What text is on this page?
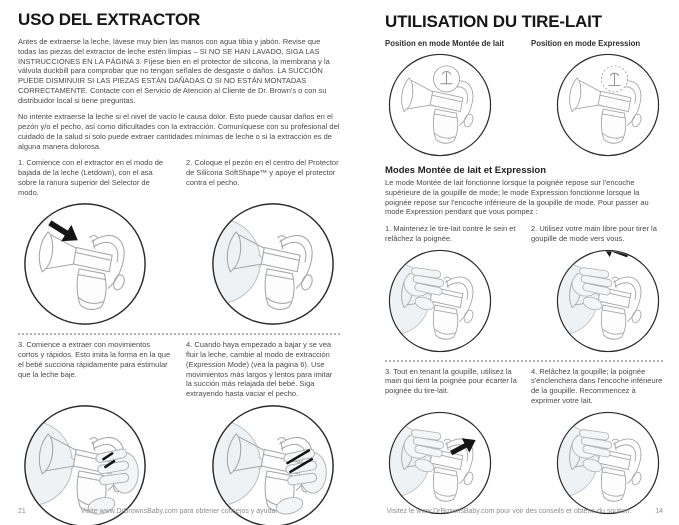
USO DEL EXTRACTOR

Antes de extraerse la leche, lávese muy bien las manos con agua tibia y jabón. Revise que todas las piezas del extractor de leche estén limpias – SI NO SE HAN LAVADO, SIGA LAS INSTRUCCIONES EN LA PÁGINA 3. Fíjese bien en el protector de silicona, la membrana y la válvula duckbill para comprobar que no tengan señales de desgaste o daños. LA SUCCIÓN PUEDE DISMINUIR SI LAS PIEZAS ESTÁN DAÑADAS O SI NO ESTÁN MONTADAS CORRECTAMENTE. Contacte con el Servicio de Atención al Cliente de Dr. Brown's o con su distribuidor local si tiene preguntas.

No intente extraerse la leche si el nivel de vacío le causa dolor. Esto puede causar daños en el pezón y/o el pecho, así como dificultades con la extracción. Comuníquese con su profesional del cuidado de la salud si solo puede extraer cantidades mínimas de leche o si la extracción es de alguna manera dolorosa.

1. Comience con el extractor en el modo de bajada de la leche (Letdown), con el asa sobre la ranura superior del Selector de modo.
2. Coloque el pezón en el centro del Protector de Silicona SoftShape™ y apoye el protector contra el pecho.
3. Comience a extraer con movimientos cortos y rápidos. Esto imita la forma en la que el bebé succiona rápidamente para estimular que la leche baje.
4. Cuando haya empezado a bajar y se vea fluir la leche, cambie al modo de extracción (Expression Mode) (vea la página 6). Use movimientos más largos y lentos para imitar la succión más relajada del bebé. Siga extrayendo hasta vaciar el pecho.
21	Visite www.DrBrownsBaby.com para obtener consejos y ayuda.
UTILISATION DU TIRE-LAIT
Position en mode Montée de lait	Position en mode Expression
Modes Montée de lait et Expression

Le mode Montée de lait fonctionne lorsque la poignée repose sur l'encoche supérieure de la goupille de mode; le mode Expression fonctionne lorsque la poignée repose sur l'encoche inférieure de la goupille de mode. Pour passer au mode Expression pendant que vous pompez :

1. Maintenez le tire-lait contre le sein et relâchez la poignée.
2. Utilisez votre main libre pour tirer la goupille de mode vers vous.
3. Tout en tenant la goupille, utilisez la main qui tient la poignée pour écarter la poignée du tire-lait.
4. Relâchez la goupille; la poignée s'enclenchera dans l'encoche inférieure de la goupille. Recommencez à exprimer votre lait.
Visitez le www.DrBrownsBaby.com pour voir des conseils et obtenir du soutien.	14
